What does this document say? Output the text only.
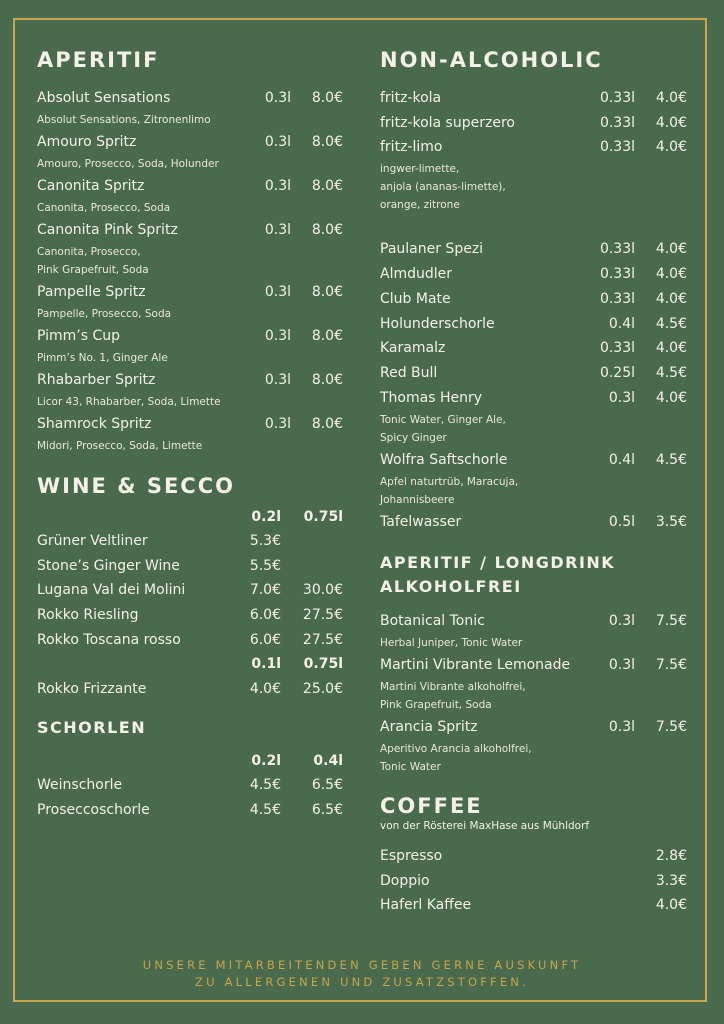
APERITIF
Absolut Sensations	0.3l 8.0€
Absolut Sensations, Zitronenlimo
Amouro Spritz	0.3l 8.0€
Amouro, Prosecco, Soda, Holunder
Canonita Spritz	0.3l 8.0€
Canonita, Prosecco, Soda
Canonita Pink Spritz	0.3l 8.0€
Canonita, Prosecco,
Pink Grapefruit, Soda
Pampelle Spritz	0.3l 8.0€
Pampelle, Prosecco, Soda
Pimm’s Cup	0.3l 8.0€
Pimm’s No. 1, Ginger Ale
Rhabarber Spritz	0.3l 8.0€
Licor 43, Rhabarber, Soda, Limette
Shamrock Spritz	0.3l 8.0€
Midori, Prosecco, Soda, Limette
WINE & SECCO
0.2l 0.75l
Grüner Veltliner	5.3€
Stone’s Ginger Wine	5.5€
Lugana Val dei Molini	7.0€ 30.0€
Rokko Riesling	6.0€ 27.5€
Rokko Toscana rosso	6.0€ 27.5€
0.1l 0.75l
Rokko Frizzante	4.0€ 25.0€
SCHORLEN
0.2l 0.4l
Weinschorle	4.5€ 6.5€
Proseccoschorle	4.5€ 6.5€
NON-ALCOHOLIC
fritz-kola	0.33l 4.0€
fritz-kola superzero	0.33l 4.0€
fritz-limo	0.33l 4.0€
ingwer-limette,
anjola (ananas-limette),
orange, zitrone
Paulaner Spezi	0.33l 4.0€
Almdudler	0.33l 4.0€
Club Mate	0.33l 4.0€
Holunderschorle	0.4l 4.5€
Karamalz	0.33l 4.0€
Red Bull	0.25l 4.5€
Thomas Henry	0.3l 4.0€
Tonic Water, Ginger Ale,
Spicy Ginger
Wolfra Saftschorle	0.4l 4.5€
Apfel naturtrüb, Maracuja,
Johannisbeere
Tafelwasser	0.5l 3.5€
APERITIF / LONGDRINK
ALKOHOLFREI
Botanical Tonic	0.3l 7.5€
Herbal Juniper, Tonic Water
Martini Vibrante Lemonade	0.3l 7.5€
Martini Vibrante alkoholfrei,
Pink Grapefruit, Soda
Arancia Spritz	0.3l 7.5€
Aperitivo Arancia alkoholfrei,
Tonic Water
COFFEE
von der Rösterei MaxHase aus Mühldorf
Espresso	2.8€
Doppio	3.3€
Haferl Kaffee	4.0€
UNSERE MITARBEITENDEN GEBEN GERNE AUSKUNFT
ZU ALLERGENEN UND ZUSATZSTOFFEN.
